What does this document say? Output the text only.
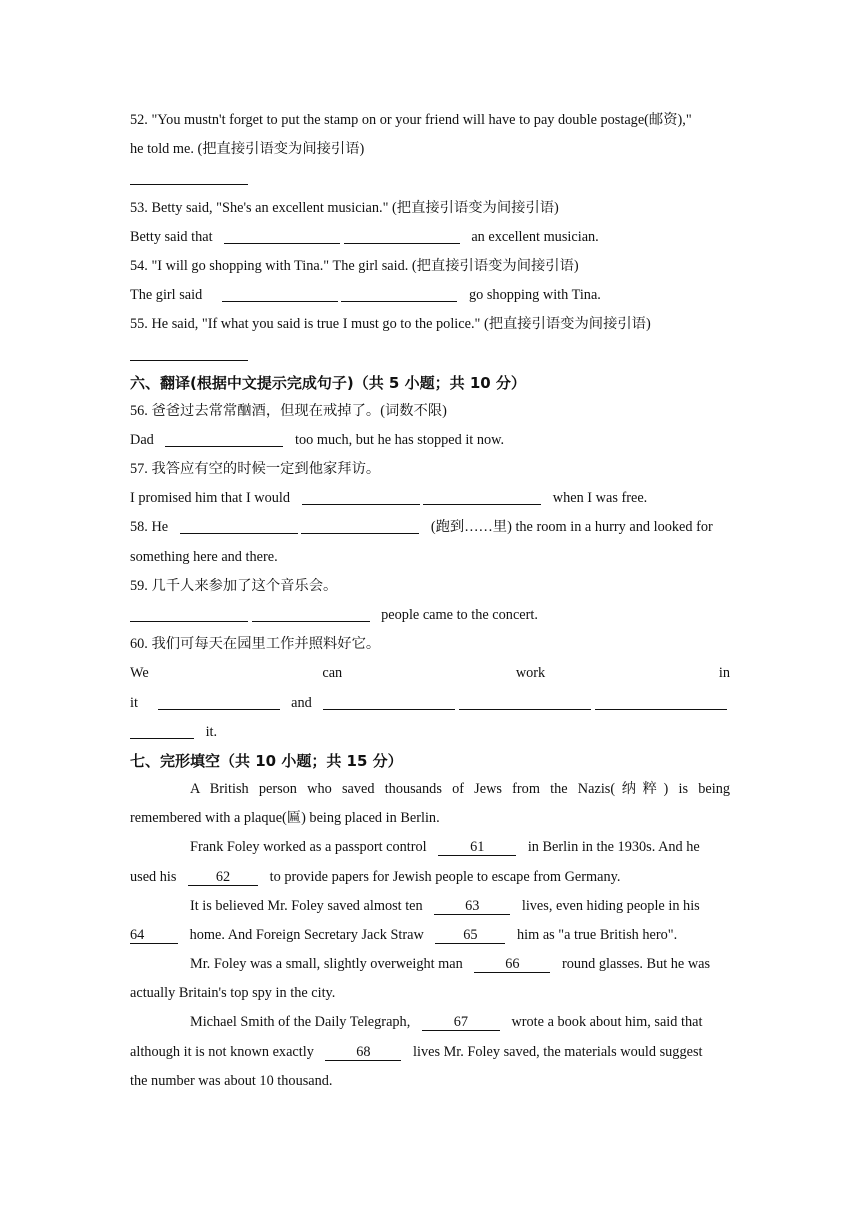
52. "You mustn't forget to put the stamp on or your friend will have to pay double postage(邮资),"
he told me. (把直接引语变为间接引语)
53. Betty said, "She's an excellent musician." (把直接引语变为间接引语)
Betty said that	an excellent musician.
54. "I will go shopping with Tina." The girl said. (把直接引语变为间接引语)
The girl said	go shopping with Tina.
55. He said, "If what you said is true I must go to the police." (把直接引语变为间接引语)
六、翻译(根据中文提示完成句子)（共 5 小题；共 10 分）
56. 爸爸过去常常酗酒，但现在戒掉了。(词数不限)
Dad	too much, but he has stopped it now.
57. 我答应有空的时候一定到他家拜访。
I promised him that I would	when I was free.
58. He	(跑到……里) the room in a hurry and looked for
something here and there.
59. 几千人来参加了这个音乐会。
people came to the concert.
60. 我们可每天在园里工作并照料好它。
We	can	work	in
it	and
it.
七、完形填空（共 10 小题；共 15 分）
A British person who saved thousands of Jews from the Nazis(纳粹) is being
remembered with a plaque(匾) being placed in Berlin.
Frank Foley worked as a passport control	61	in Berlin in the 1930s. And he
used his	62	to provide papers for Jewish people to escape from Germany.
It is believed Mr. Foley saved almost ten	63	lives, even hiding people in his
64	home. And Foreign Secretary Jack Straw	65	him as "a true British hero".
Mr. Foley was a small, slightly overweight man	66	round glasses. But he was
actually Britain's top spy in the city.
Michael Smith of the Daily Telegraph,	67	wrote a book about him, said that
although it is not known exactly	68	lives Mr. Foley saved, the materials would suggest
the number was about 10 thousand.
